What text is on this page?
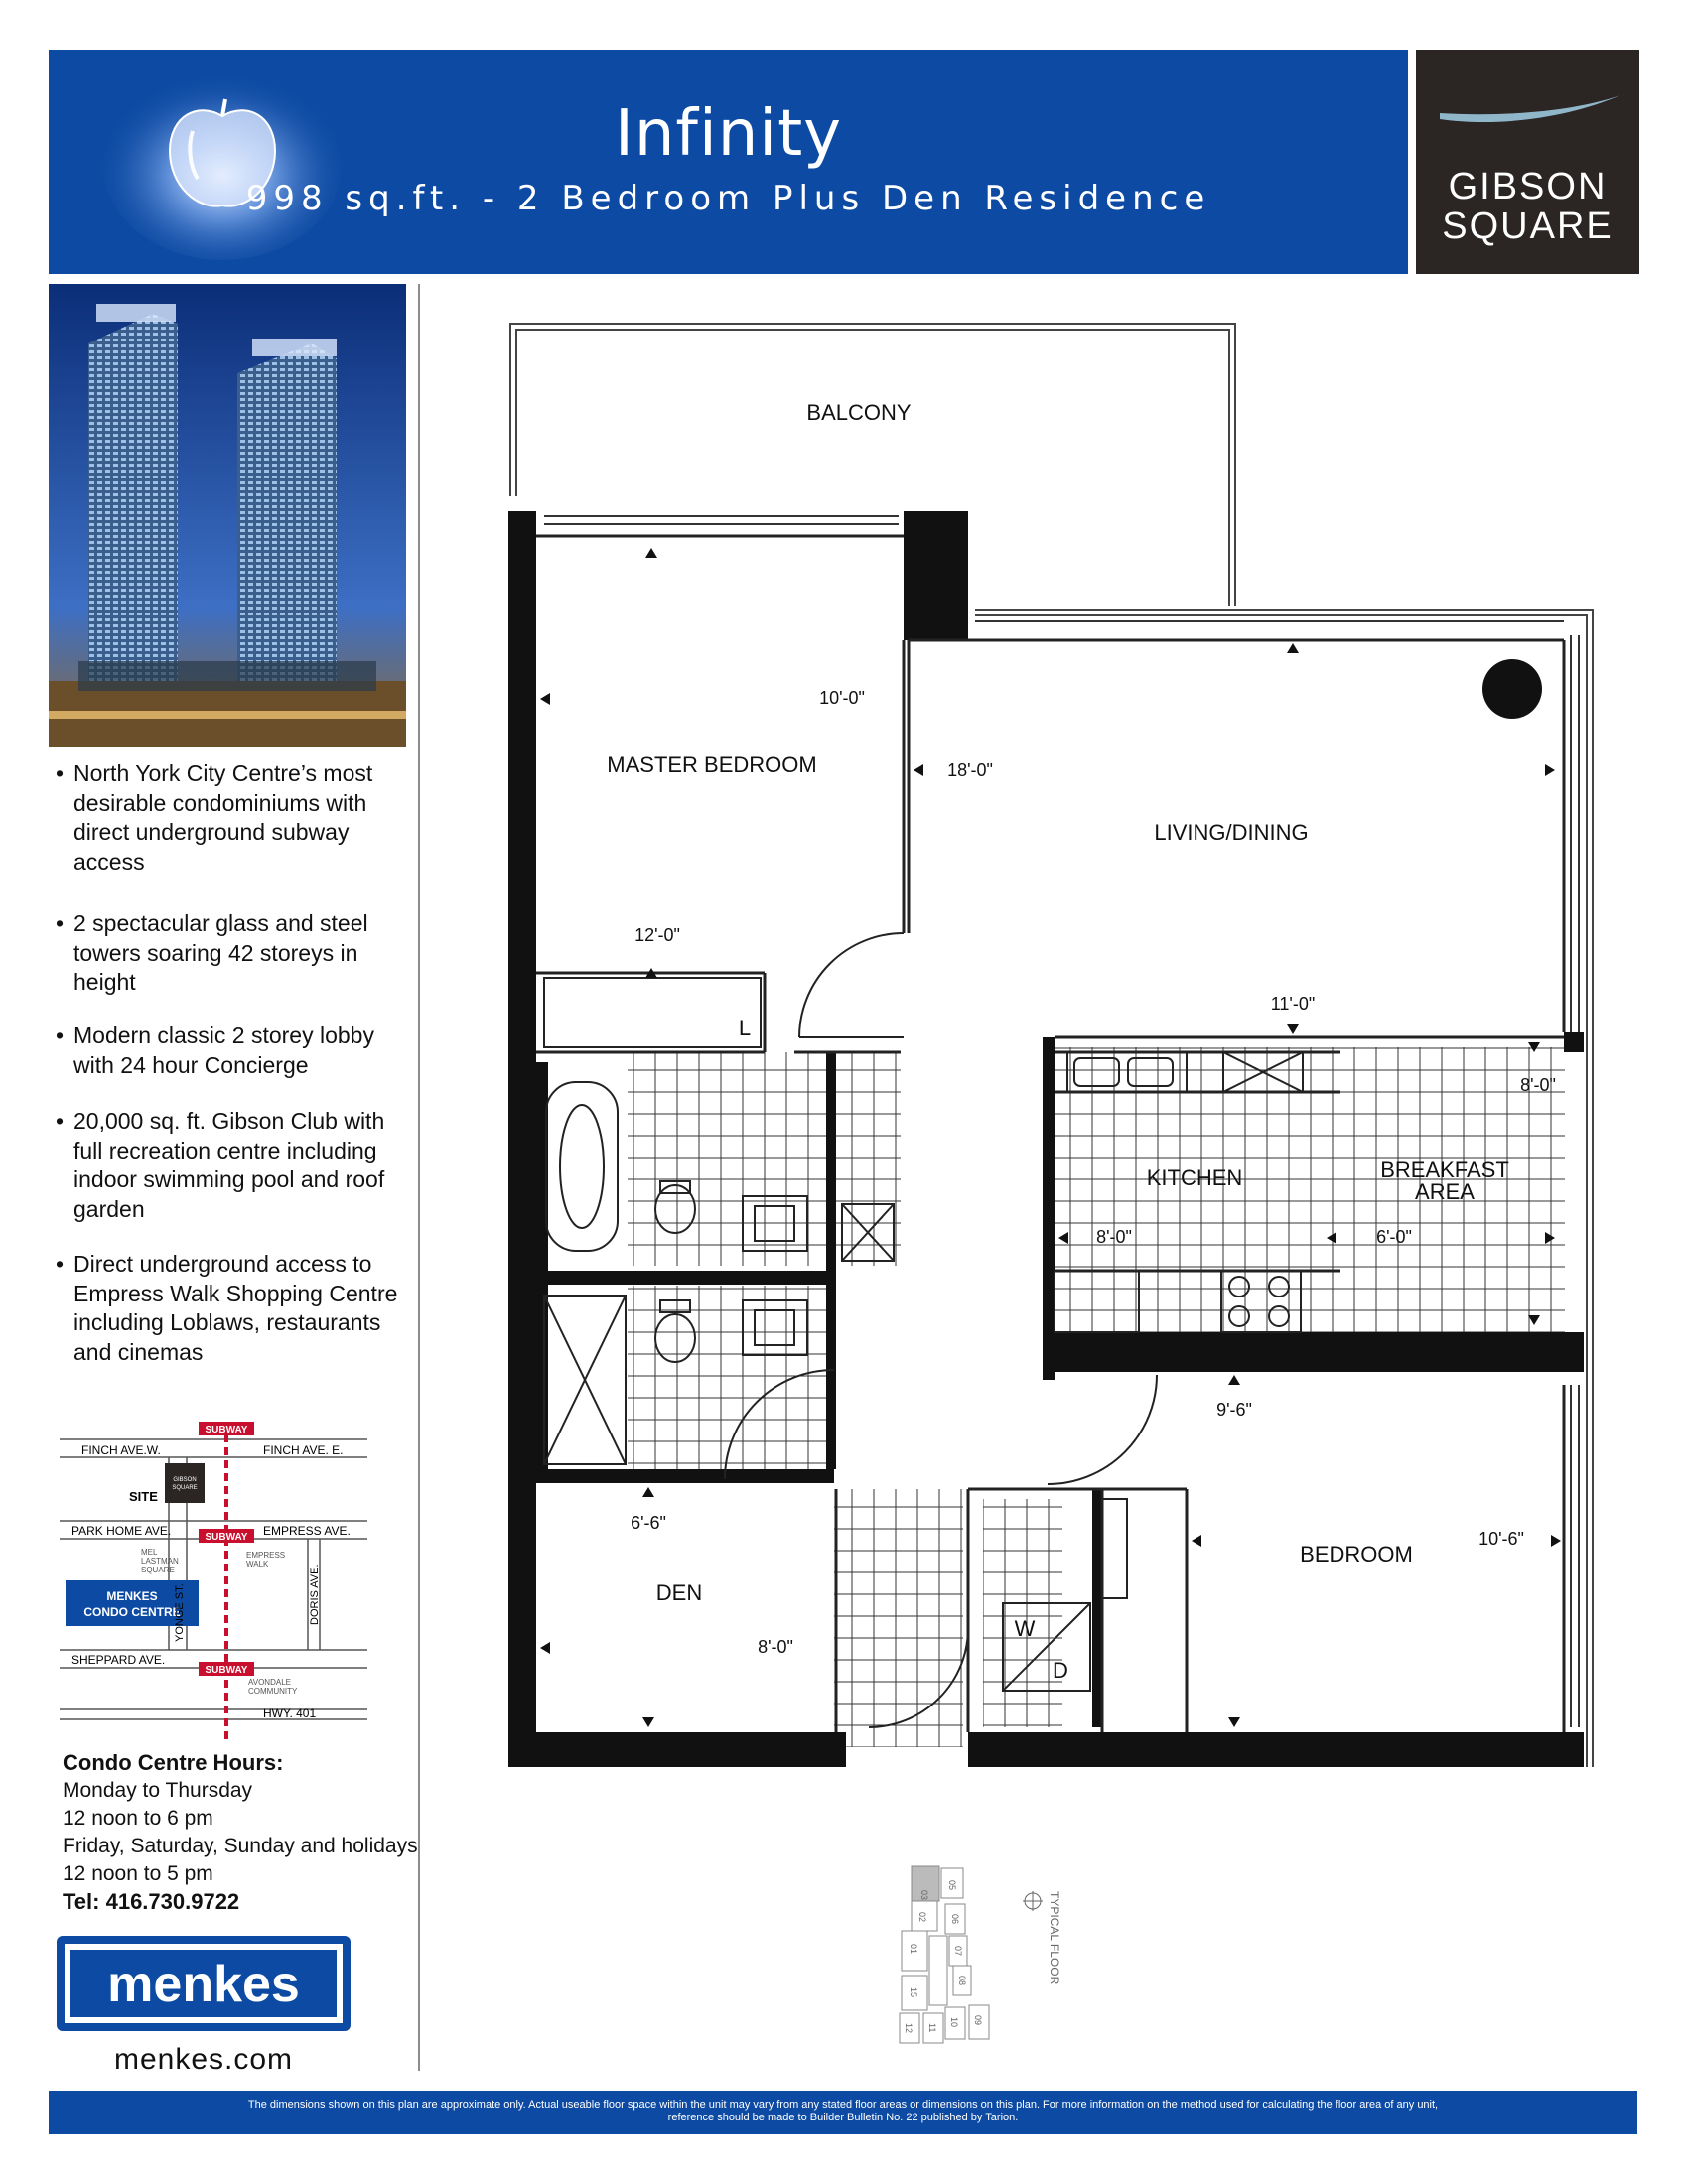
Infinity
998 sq.ft. - 2 Bedroom Plus Den Residence	GIBSON
SQUARE
• North York City Centre’s most desirable condominiums with direct underground subway access
• 2 spectacular glass and steel towers soaring 42 storeys in height
• Modern classic 2 storey lobby with 24 hour Concierge
• 20,000 sq. ft. Gibson Club with full recreation centre including indoor swimming pool and roof garden
• Direct underground access to Empress Walk Shopping Centre including Loblaws, restaurants and cinemas
SUBWAY
SUBWAY
SUBWAY
FINCH AVE.W.	FINCH AVE. E.
SITE
GIBSON
SQUARE
PARK HOME AVE.	EMPRESS AVE.
MEL
LASTMAN
SQUARE
EMPRESS
WALK
MENKES
CONDO CENTRE
YONGE ST.	DORIS AVE.
SHEPPARD AVE.
AVONDALE
COMMUNITY
HWY. 401
Condo Centre Hours:
Monday to Thursday
12 noon to 6 pm
Friday, Saturday, Sunday and holidays
12 noon to 5 pm
Tel: 416.730.9722
menkes
menkes.com
BALCONY
MASTER BEDROOM
LIVING/DINING
KITCHEN	BREAKFAST
AREA
DEN
BEDROOM
L
W
D
10'-0"
12'-0"
18'-0"
11'-0"
8'-0"
8'-0"	6'-0"
9'-6"
10'-6"
6'-6"
8'-0"
03
05
02	06
01	07
15
08
12 11
10 09
TYPICAL FLOOR
The dimensions shown on this plan are approximate only. Actual useable floor space within the unit may vary from any stated floor areas or dimensions on this plan. For more information on the method used for calculating the floor area of any unit,
reference should be made to Builder Bulletin No. 22 published by Tarion.
